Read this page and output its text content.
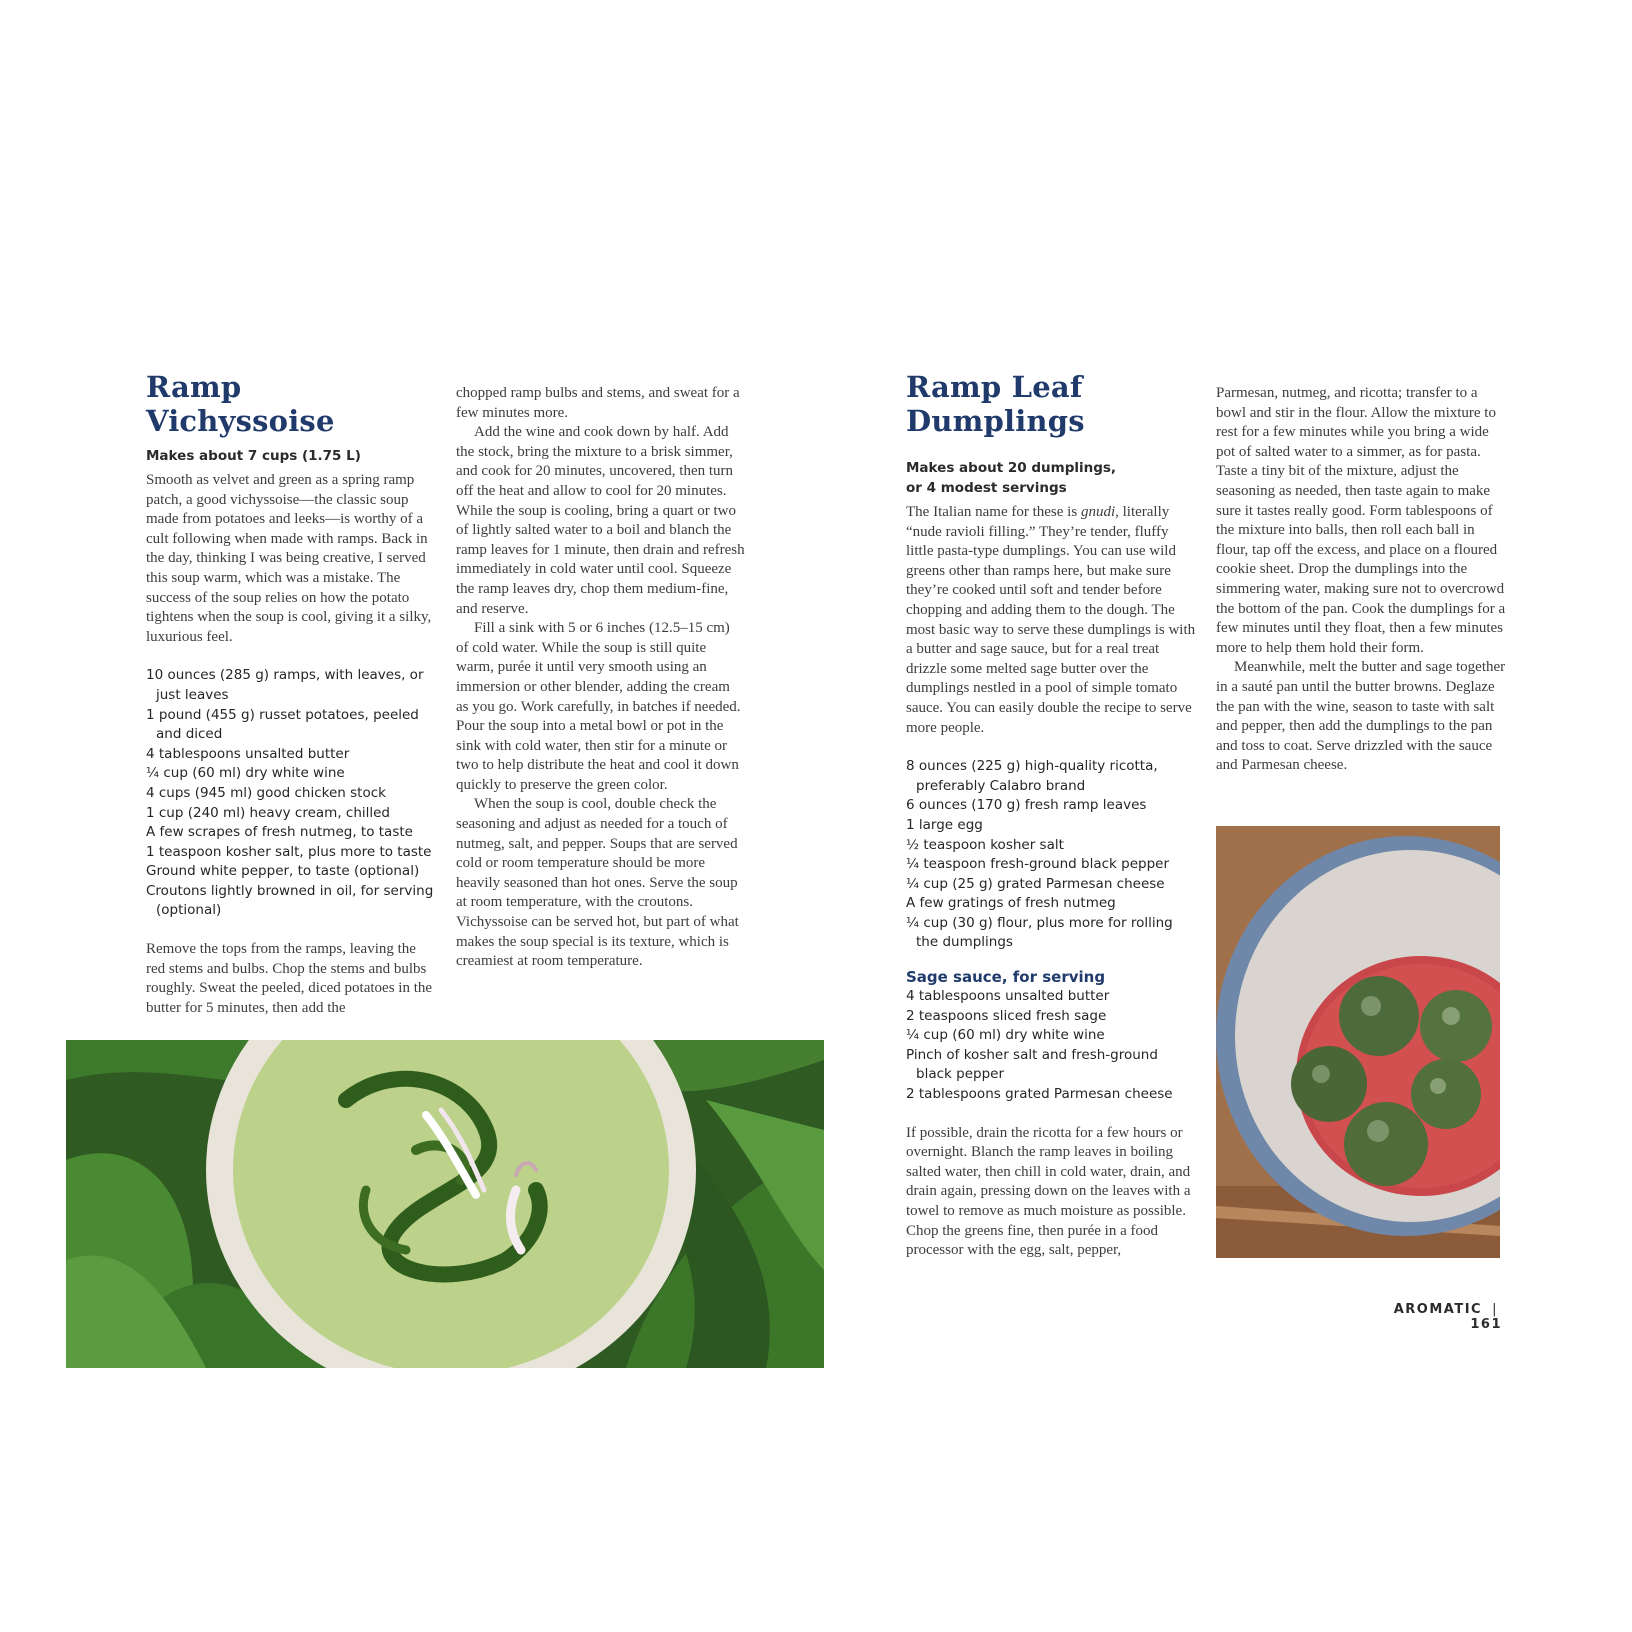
Ramp Vichyssoise
Makes about 7 cups (1.75 L)

Smooth as velvet and green as a spring ramp patch, a good vichyssoise—the classic soup made from potatoes and leeks—is worthy of a cult following when made with ramps. Back in the day, thinking I was being creative, I served this soup warm, which was a mistake. The success of the soup relies on how the potato tightens when the soup is cool, giving it a silky, luxurious feel.

10 ounces (285 g) ramps, with leaves, or just leaves
1 pound (455 g) russet potatoes, peeled and diced
4 tablespoons unsalted butter
¼ cup (60 ml) dry white wine
4 cups (945 ml) good chicken stock
1 cup (240 ml) heavy cream, chilled
A few scrapes of fresh nutmeg, to taste
1 teaspoon kosher salt, plus more to taste
Ground white pepper, to taste (optional)
Croutons lightly browned in oil, for serving (optional)

Remove the tops from the ramps, leaving the red stems and bulbs. Chop the stems and bulbs roughly. Sweat the peeled, diced potatoes in the butter for 5 minutes, then add the

chopped ramp bulbs and stems, and sweat for a few minutes more.

Add the wine and cook down by half. Add the stock, bring the mixture to a brisk simmer, and cook for 20 minutes, uncovered, then turn off the heat and allow to cool for 20 minutes. While the soup is cooling, bring a quart or two of lightly salted water to a boil and blanch the ramp leaves for 1 minute, then drain and refresh immediately in cold water until cool. Squeeze the ramp leaves dry, chop them medium-fine, and reserve.

Fill a sink with 5 or 6 inches (12.5–15 cm) of cold water. While the soup is still quite warm, purée it until very smooth using an immersion or other blender, adding the cream as you go. Work carefully, in batches if needed. Pour the soup into a metal bowl or pot in the sink with cold water, then stir for a minute or two to help distribute the heat and cool it down quickly to preserve the green color.

When the soup is cool, double check the seasoning and adjust as needed for a touch of nutmeg, salt, and pepper. Soups that are served cold or room temperature should be more heavily seasoned than hot ones. Serve the soup at room temperature, with the croutons. Vichyssoise can be served hot, but part of what makes the soup special is its texture, which is creamiest at room temperature.

Ramp Leaf
Dumplings
Makes about 20 dumplings,
or 4 modest servings

The Italian name for these is gnudi, literally “nude ravioli filling.” They’re tender, fluffy little pasta-type dumplings. You can use wild greens other than ramps here, but make sure they’re cooked until soft and tender before chopping and adding them to the dough. The most basic way to serve these dumplings is with a butter and sage sauce, but for a real treat drizzle some melted sage butter over the dumplings nestled in a pool of simple tomato sauce. You can easily double the recipe to serve more people.

8 ounces (225 g) high-quality ricotta, preferably Calabro brand
6 ounces (170 g) fresh ramp leaves
1 large egg
½ teaspoon kosher salt
¼ teaspoon fresh-ground black pepper
¼ cup (25 g) grated Parmesan cheese
A few gratings of fresh nutmeg
¼ cup (30 g) flour, plus more for rolling the dumplings
Sage sauce, for serving
4 tablespoons unsalted butter
2 teaspoons sliced fresh sage
¼ cup (60 ml) dry white wine
Pinch of kosher salt and fresh-ground black pepper
2 tablespoons grated Parmesan cheese

If possible, drain the ricotta for a few hours or overnight. Blanch the ramp leaves in boiling salted water, then chill in cold water, drain, and drain again, pressing down on the leaves with a towel to remove as much moisture as possible. Chop the greens fine, then purée in a food processor with the egg, salt, pepper,

Parmesan, nutmeg, and ricotta; transfer to a bowl and stir in the flour. Allow the mixture to rest for a few minutes while you bring a wide pot of salted water to a simmer, as for pasta. Taste a tiny bit of the mixture, adjust the seasoning as needed, then taste again to make sure it tastes really good. Form tablespoons of the mixture into balls, then roll each ball in flour, tap off the excess, and place on a floured cookie sheet. Drop the dumplings into the simmering water, making sure not to overcrowd the bottom of the pan. Cook the dumplings for a few minutes until they float, then a few minutes more to help them hold their form.

Meanwhile, melt the butter and sage together in a sauté pan until the butter browns. Deglaze the pan with the wine, season to taste with salt and pepper, then add the dumplings to the pan and toss to coat. Serve drizzled with the sauce and Parmesan cheese.

AROMATIC | 161
